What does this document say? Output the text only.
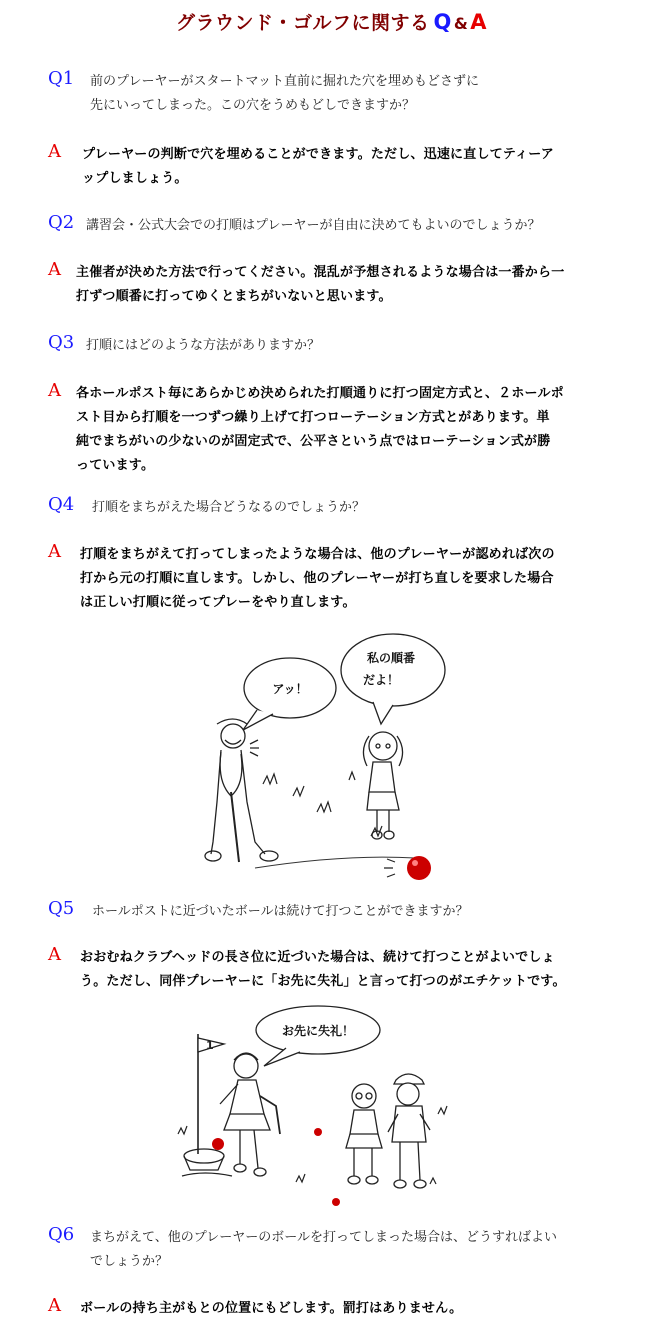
グラウンド・ゴルフに関する Q &A
Q1	前のプレーヤーがスタートマット直前に掘れた穴を埋めもどさずに
先にいってしまった。この穴をうめもどしできますか？
A	プレーヤーの判断で穴を埋めることができます。ただし、迅速に直してティーア
ップしましょう。
Q2 講習会・公式大会での打順はプレーヤーが自由に決めてもよいのでしょうか？
A	主催者が決めた方法で行ってください。混乱が予想されるような場合は一番から一
打ずつ順番に打ってゆくとまちがいないと思います。
Q3 打順にはどのような方法がありますか？
A	各ホールポスト毎にあらかじめ決められた打順通りに打つ固定方式と、２ホールポ
スト目から打順を一つずつ繰り上げて打つローテーション方式とがあります。単
純でまちがいの少ないのが固定式で、公平さという点ではローテーション式が勝
っています。
Q4	打順をまちがえた場合どうなるのでしょうか？
A	打順をまちがえて打ってしまったような場合は、他のプレーヤーが認めれば次の
打から元の打順に直します。しかし、他のプレーヤーが打ち直しを要求した場合
は正しい打順に従ってプレーをやり直します。
アッ！
私の順番
だよ！
Q5	ホールポストに近づいたボールは続けて打つことができますか？
A	おおむねクラブヘッドの長さ位に近づいた場合は、続けて打つことがよいでしょ
う。ただし、同伴プレーヤーに「お先に失礼」と言って打つのがエチケットです。
お先に失礼！
1
Q6	まちがえて、他のプレーヤーのボールを打ってしまった場合は、どうすればよい
でしょうか？
A	ボールの持ち主がもとの位置にもどします。罰打はありません。
